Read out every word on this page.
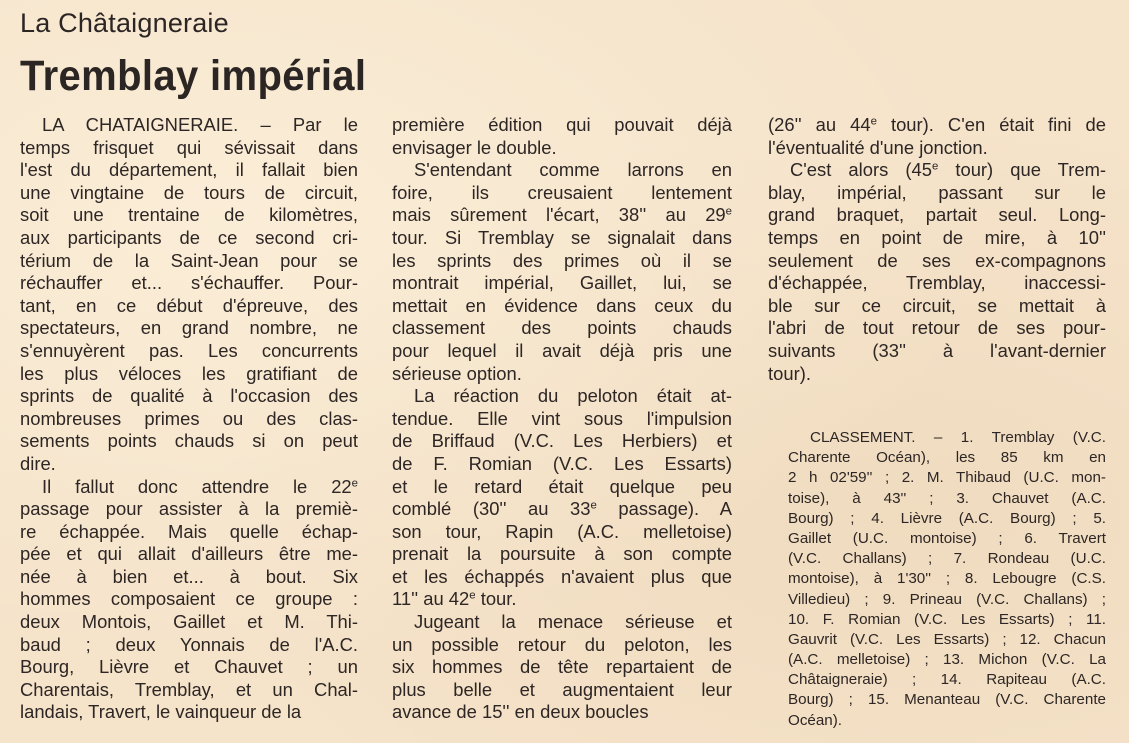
La Châtaigneraie
Tremblay impérial
LA CHATAIGNERAIE. – Par le
temps frisquet qui sévissait dans
l'est du département, il fallait bien
une vingtaine de tours de circuit,
soit une trentaine de kilomètres,
aux participants de ce second cri-
térium de la Saint-Jean pour se
réchauffer et... s'échauffer. Pour-
tant, en ce début d'épreuve, des
spectateurs, en grand nombre, ne
s'ennuyèrent pas. Les concurrents
les plus véloces les gratifiant de
sprints de qualité à l'occasion des
nombreuses primes ou des clas-
sements points chauds si on peut
dire.
Il fallut donc attendre le 22e
passage pour assister à la premiè-
re échappée. Mais quelle échap-
pée et qui allait d'ailleurs être me-
née à bien et... à bout. Six
hommes composaient ce groupe :
deux Montois, Gaillet et M. Thi-
baud ; deux Yonnais de l'A.C.
Bourg, Lièvre et Chauvet ; un
Charentais, Tremblay, et un Chal-
landais, Travert, le vainqueur de la
première édition qui pouvait déjà
envisager le double.
S'entendant comme larrons en
foire, ils creusaient lentement
mais sûrement l'écart, 38'' au 29e
tour. Si Tremblay se signalait dans
les sprints des primes où il se
montrait impérial, Gaillet, lui, se
mettait en évidence dans ceux du
classement des points chauds
pour lequel il avait déjà pris une
sérieuse option.
La réaction du peloton était at-
tendue. Elle vint sous l'impulsion
de Briffaud (V.C. Les Herbiers) et
de F. Romian (V.C. Les Essarts)
et le retard était quelque peu
comblé (30'' au 33e passage). A
son tour, Rapin (A.C. melletoise)
prenait la poursuite à son compte
et les échappés n'avaient plus que
11'' au 42e tour.
Jugeant la menace sérieuse et
un possible retour du peloton, les
six hommes de tête repartaient de
plus belle et augmentaient leur
avance de 15'' en deux boucles
(26'' au 44e tour). C'en était fini de
l'éventualité d'une jonction.
C'est alors (45e tour) que Trem-
blay, impérial, passant sur le
grand braquet, partait seul. Long-
temps en point de mire, à 10''
seulement de ses ex-compagnons
d'échappée, Tremblay, inaccessi-
ble sur ce circuit, se mettait à
l'abri de tout retour de ses pour-
suivants (33'' à l'avant-dernier
tour).
CLASSEMENT. – 1. Tremblay (V.C.
Charente Océan), les 85 km en
2 h 02'59'' ; 2. M. Thibaud (U.C. mon-
toise), à 43'' ; 3. Chauvet (A.C.
Bourg) ; 4. Lièvre (A.C. Bourg) ; 5.
Gaillet (U.C. montoise) ; 6. Travert
(V.C. Challans) ; 7. Rondeau (U.C.
montoise), à 1'30'' ; 8. Lebougre (C.S.
Villedieu) ; 9. Prineau (V.C. Challans) ;
10. F. Romian (V.C. Les Essarts) ; 11.
Gauvrit (V.C. Les Essarts) ; 12. Chacun
(A.C. melletoise) ; 13. Michon (V.C. La
Châtaigneraie) ; 14. Rapiteau (A.C.
Bourg) ; 15. Menanteau (V.C. Charente
Océan).
